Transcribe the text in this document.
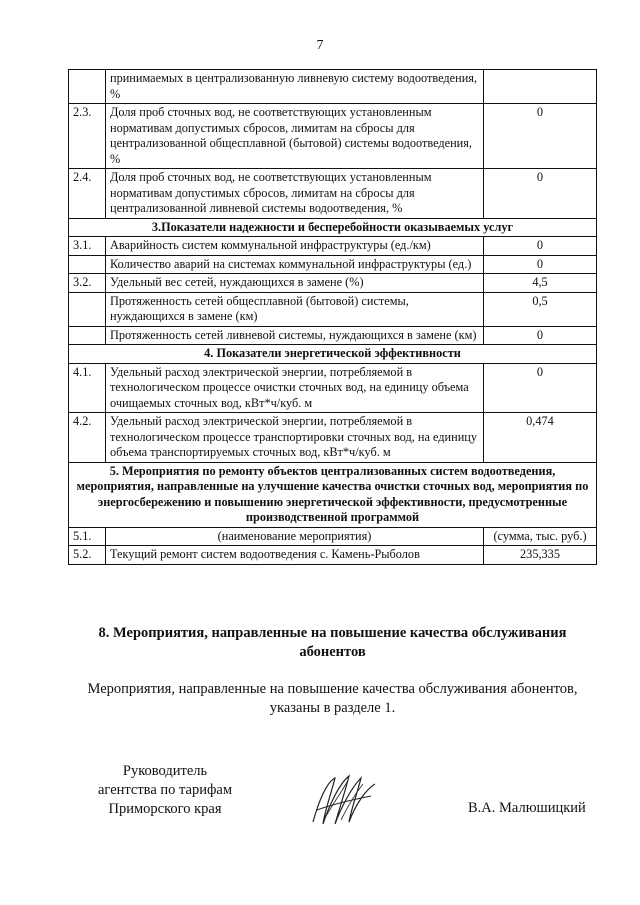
7
	принимаемых в централизованную ливневую систему водоотведения, %	
2.3.	Доля проб сточных вод, не соответствующих установленным нормативам допустимых сбросов, лимитам на сбросы для централизованной общесплавной (бытовой) системы водоотведения, %	0
2.4.	Доля проб сточных вод, не соответствующих установленным нормативам допустимых сбросов, лимитам на сбросы для централизованной ливневой системы водоотведения, %	0
3.Показатели надежности и бесперебойности оказываемых услуг		
3.1.	Аварийность систем коммунальной инфраструктуры (ед./км)	0
	Количество аварий на системах коммунальной инфраструктуры (ед.)	0
3.2.	Удельный вес сетей, нуждающихся в замене (%)	4,5
	Протяженность сетей общесплавной (бытовой) системы, нуждающихся в замене (км)	0,5
	Протяженность сетей ливневой системы, нуждающихся в замене (км)	0
4. Показатели энергетической эффективности		
4.1.	Удельный расход электрической энергии, потребляемой в технологическом процессе очистки сточных вод, на единицу объема очищаемых сточных вод, кВт*ч/куб. м	0
4.2.	Удельный расход электрической энергии, потребляемой в технологическом процессе транспортировки сточных вод, на единицу объема транспортируемых сточных вод, кВт*ч/куб. м	0,474
5. Мероприятия по ремонту объектов централизованных систем водоотведения, мероприятия, направленные на улучшение качества очистки сточных вод, мероприятия по энергосбережению и повышению энергетической эффективности, предусмотренные производственной программой		
5.1.	(наименование мероприятия)	(сумма, тыс. руб.)
5.2.	Текущий ремонт систем водоотведения с. Камень-Рыболов	235,335
8. Мероприятия, направленные на повышение качества обслуживания абонентов
Мероприятия, направленные на повышение качества обслуживания абонентов, указаны в разделе 1.
Руководитель
агентства по тарифам
Приморского края	В.А. Малюшицкий
